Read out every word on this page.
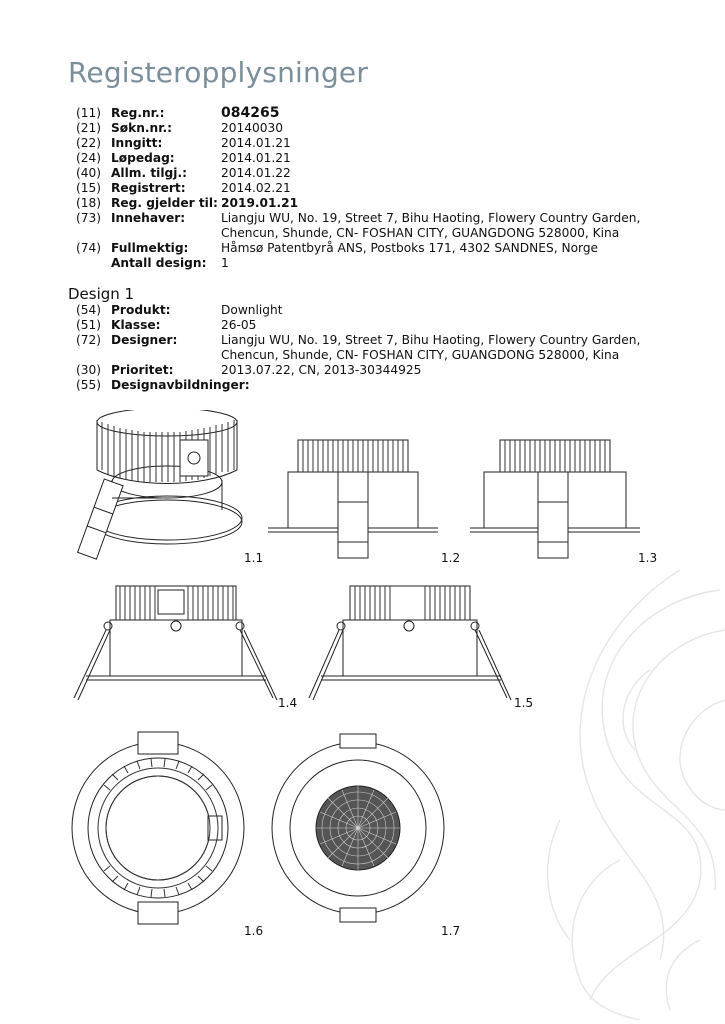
Registeropplysninger
(11) Reg.nr.:	084265
(21) Søkn.nr.:	20140030
(22) Inngitt:	2014.01.21
(24) Løpedag:	2014.01.21
(40) Allm. tilgj.:	2014.01.22
(15) Registrert:	2014.02.21
(18) Reg. gjelder til: 2019.01.21
(73) Innehaver:	Liangju WU, No. 19, Street 7, Bihu Haoting, Flowery Country Garden,
Chencun, Shunde, CN- FOSHAN CITY, GUANGDONG 528000, Kina
(74) Fullmektig:	Håmsø Patentbyrå ANS, Postboks 171, 4302 SANDNES, Norge
Antall design: 1
Design 1
(54) Produkt:	Downlight
(51) Klasse:	26-05
(72) Designer:	Liangju WU, No. 19, Street 7, Bihu Haoting, Flowery Country Garden,
Chencun, Shunde, CN- FOSHAN CITY, GUANGDONG 528000, Kina
(30) Prioritet:	2013.07.22, CN, 2013-30344925
(55) Designavbildninger:
1.1	1.2	1.3
1.4	1.5
1.6	1.7
